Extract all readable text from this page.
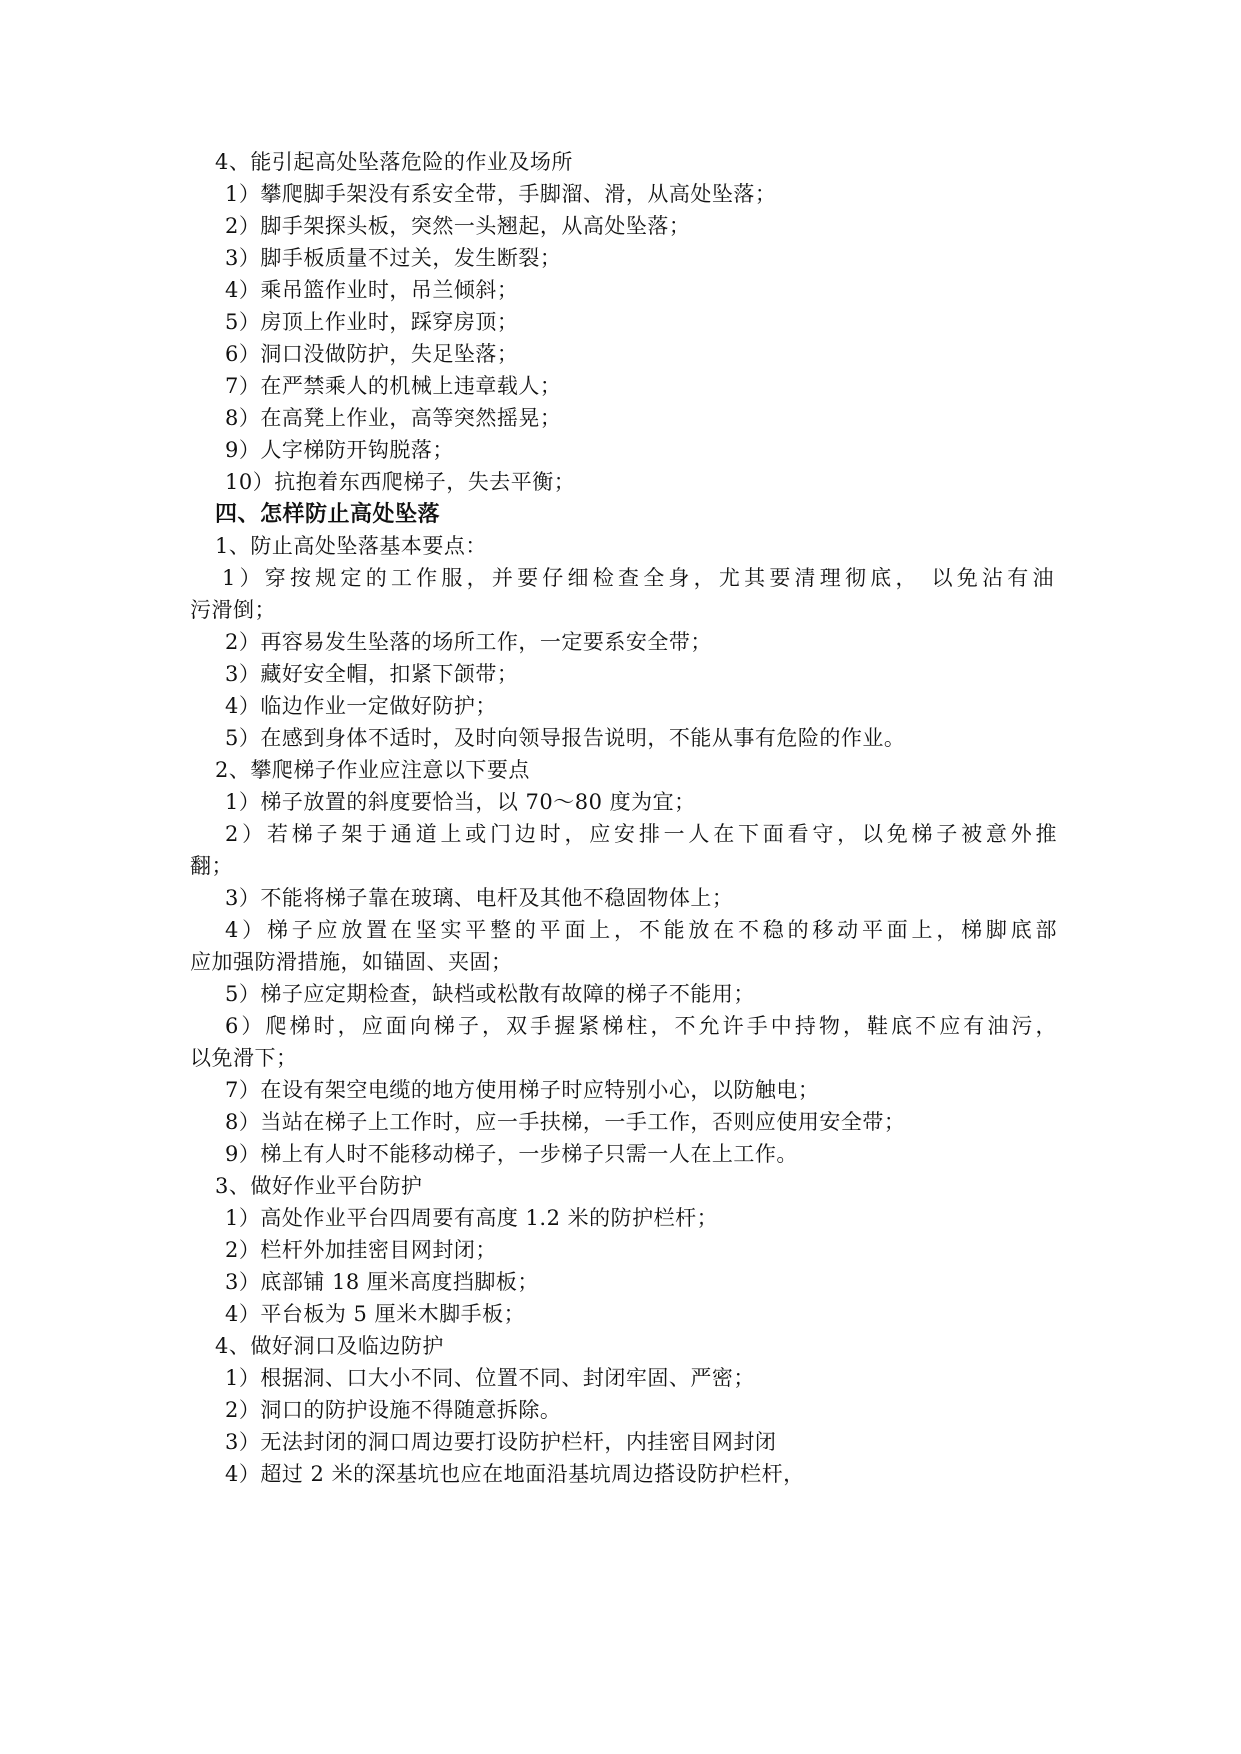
4、能引起高处坠落危险的作业及场所
1）攀爬脚手架没有系安全带，手脚溜、滑，从高处坠落；
2）脚手架探头板，突然一头翘起，从高处坠落；
3）脚手板质量不过关，发生断裂；
4）乘吊篮作业时，吊兰倾斜；
5）房顶上作业时，踩穿房顶；
6）洞口没做防护，失足坠落；
7）在严禁乘人的机械上违章载人；
8）在高凳上作业，高等突然摇晃；
9）人字梯防开钩脱落；
10）抗抱着东西爬梯子，失去平衡；
四、怎样防止高处坠落
1、防止高处坠落基本要点：
1）穿按规定的工作服，并要仔细检查全身，尤其要清理彻底， 以免沾有油
污滑倒；
2）再容易发生坠落的场所工作，一定要系安全带；
3）藏好安全帽，扣紧下颌带；
4）临边作业一定做好防护；
5）在感到身体不适时，及时向领导报告说明，不能从事有危险的作业。
2、攀爬梯子作业应注意以下要点
1）梯子放置的斜度要恰当，以 70～80 度为宜；
2）若梯子架于通道上或门边时，应安排一人在下面看守，以免梯子被意外推
翻；
3）不能将梯子靠在玻璃、电杆及其他不稳固物体上；
4）梯子应放置在坚实平整的平面上，不能放在不稳的移动平面上，梯脚底部
应加强防滑措施，如锚固、夹固；
5）梯子应定期检查，缺档或松散有故障的梯子不能用；
6）爬梯时，应面向梯子，双手握紧梯柱，不允许手中持物，鞋底不应有油污，
以免滑下；
7）在设有架空电缆的地方使用梯子时应特别小心，以防触电；
8）当站在梯子上工作时，应一手扶梯，一手工作，否则应使用安全带；
9）梯上有人时不能移动梯子，一步梯子只需一人在上工作。
3、做好作业平台防护
1）高处作业平台四周要有高度 1.2 米的防护栏杆；
2）栏杆外加挂密目网封闭；
3）底部铺 18 厘米高度挡脚板；
4）平台板为 5 厘米木脚手板；
4、做好洞口及临边防护
1）根据洞、口大小不同、位置不同、封闭牢固、严密；
2）洞口的防护设施不得随意拆除。
3）无法封闭的洞口周边要打设防护栏杆，内挂密目网封闭
4）超过 2 米的深基坑也应在地面沿基坑周边搭设防护栏杆，
